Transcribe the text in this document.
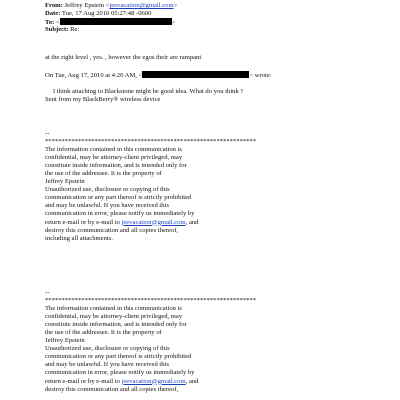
From: Jeffrey Epstein <jeevacation@gmail.com>
Date: Tue, 17 Aug 2010 05:27:48 -0600
To: <	>
Subject: Re:
at the right level , yes. , however the egos their are rampant
On Tue, Aug 17, 2010 at 4:20 AM, <	> wrote:
I think attaching to Blackstone might be good idea. What do you think ?
Sent from my BlackBerry® wireless device
--
****************************************************************
The information contained in this communication is
confidential, may be attorney-client privileged, may
constitute inside information, and is intended only for
the use of the addressee. It is the property of
Jeffrey Epstein
Unauthorized use, disclosure or copying of this
communication or any part thereof is strictly prohibited
and may be unlawful. If you have received this
communication in error, please notify us immediately by
return e-mail or by e-mail to jeevacation@gmail.com, and
destroy this communication and all copies thereof,
including all attachments.
--
****************************************************************
The information contained in this communication is
confidential, may be attorney-client privileged, may
constitute inside information, and is intended only for
the use of the addressee. It is the property of
Jeffrey Epstein
Unauthorized use, disclosure or copying of this
communication or any part thereof is strictly prohibited
and may be unlawful. If you have received this
communication in error, please notify us immediately by
return e-mail or by e-mail to jeevacation@gmail.com, and
destroy this communication and all copies thereof,
